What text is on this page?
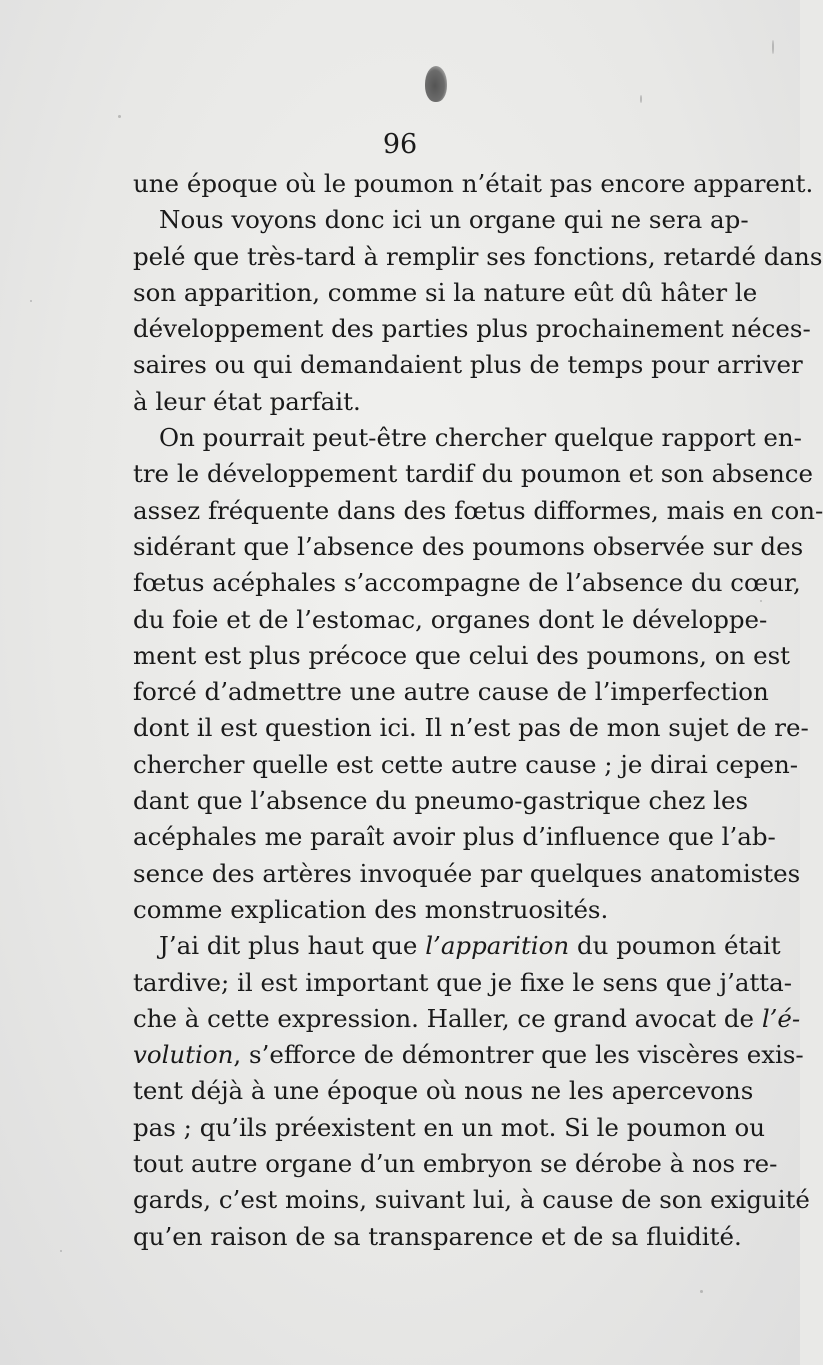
96
une époque où le poumon n’était pas encore apparent.
Nous voyons donc ici un organe qui ne sera ap-
pelé que très-tard à remplir ses fonctions, retardé dans
son apparition, comme si la nature eût dû hâter le
développement des parties plus prochainement néces-
saires ou qui demandaient plus de temps pour arriver
à leur état parfait.
On pourrait peut-être chercher quelque rapport en-
tre le développement tardif du poumon et son absence
assez fréquente dans des fœtus difformes, mais en con-
sidérant que l’absence des poumons observée sur des
fœtus acéphales s’accompagne de l’absence du cœur,
du foie et de l’estomac, organes dont le développe-
ment est plus précoce que celui des poumons, on est
forcé d’admettre une autre cause de l’imperfection
dont il est question ici. Il n’est pas de mon sujet de re-
chercher quelle est cette autre cause ; je dirai cepen-
dant que l’absence du pneumo-gastrique chez les
acéphales me paraît avoir plus d’influence que l’ab-
sence des artères invoquée par quelques anatomistes
comme explication des monstruosités.
J’ai dit plus haut que l’apparition du poumon était
tardive; il est important que je fixe le sens que j’atta-
che à cette expression. Haller, ce grand avocat de l’é-
volution, s’efforce de démontrer que les viscères exis-
tent déjà à une époque où nous ne les apercevons
pas ; qu’ils préexistent en un mot. Si le poumon ou
tout autre organe d’un embryon se dérobe à nos re-
gards, c’est moins, suivant lui, à cause de son exiguité
qu’en raison de sa transparence et de sa fluidité.
